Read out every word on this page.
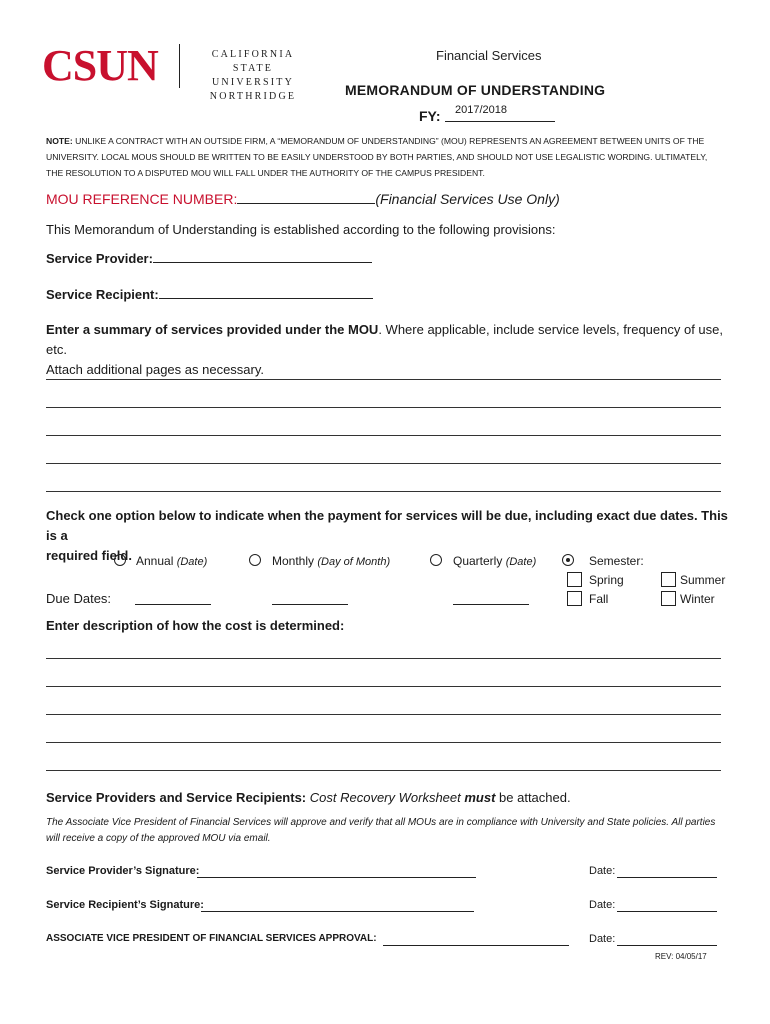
CSUN	CALIFORNIA
STATE UNIVERSITY
NORTHRIDGE
Financial Services
MEMORANDUM OF UNDERSTANDING
FY: 2017/2018
NOTE: UNLIKE A CONTRACT WITH AN OUTSIDE FIRM, A “MEMORANDUM OF UNDERSTANDING” (MOU) REPRESENTS AN AGREEMENT BETWEEN UNITS OF THE UNIVERSITY. LOCAL MOUS SHOULD BE WRITTEN TO BE EASILY UNDERSTOOD BY BOTH PARTIES, AND SHOULD NOT USE LEGALISTIC WORDING. ULTIMATELY, THE RESOLUTION TO A DISPUTED MOU WILL FALL UNDER THE AUTHORITY OF THE CAMPUS PRESIDENT.
MOU REFERENCE NUMBER:	(Financial Services Use Only)
This Memorandum of Understanding is established according to the following provisions:
Service Provider:
Service Recipient:
Enter a summary of services provided under the MOU. Where applicable, include service levels, frequency of use, etc.
Attach additional pages as necessary.
Check one option below to indicate when the payment for services will be due, including exact due dates. This is a
required field. Annual (Date)	Monthly (Day of Month)	Quarterly (Date)	Semester:
Spring	Summer
Fall	Winter
Due Dates:
Enter description of how the cost is determined:
Service Providers and Service Recipients: Cost Recovery Worksheet must be attached.
The Associate Vice President of Financial Services will approve and verify that all MOUs are in compliance with University and State policies. All parties will receive a copy of the approved MOU via email.
Service Provider’s Signature:	Date:
Service Recipient’s Signature:	Date:
ASSOCIATE VICE PRESIDENT OF FINANCIAL SERVICES APPROVAL:	Date:
REV: 04/05/17
